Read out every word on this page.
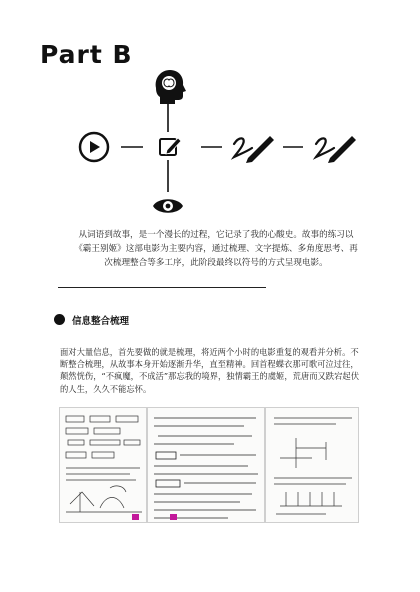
Part B

从词语到故事，是一个漫长的过程，它记录了我的心酸史。故事的练习以《霸王别姬》这部电影为主要内容，通过梳理、文字提炼、多角度思考、再次梳理整合等多工序，此阶段最终以符号的方式呈现电影。

信息整合梳理

面对大量信息，首先要做的就是梳理，将近两个小时的电影重复的观看并分析。不断整合梳理，从故事本身开始逐渐升华，直至精神。回首程蝶衣那可歌可泣过往，颠然恍伤，“不疯魔，不成活”那忘我的境界，独情霸王的虞姬，荒唐而又跌宕起伏的人生，久久不能忘怀。
